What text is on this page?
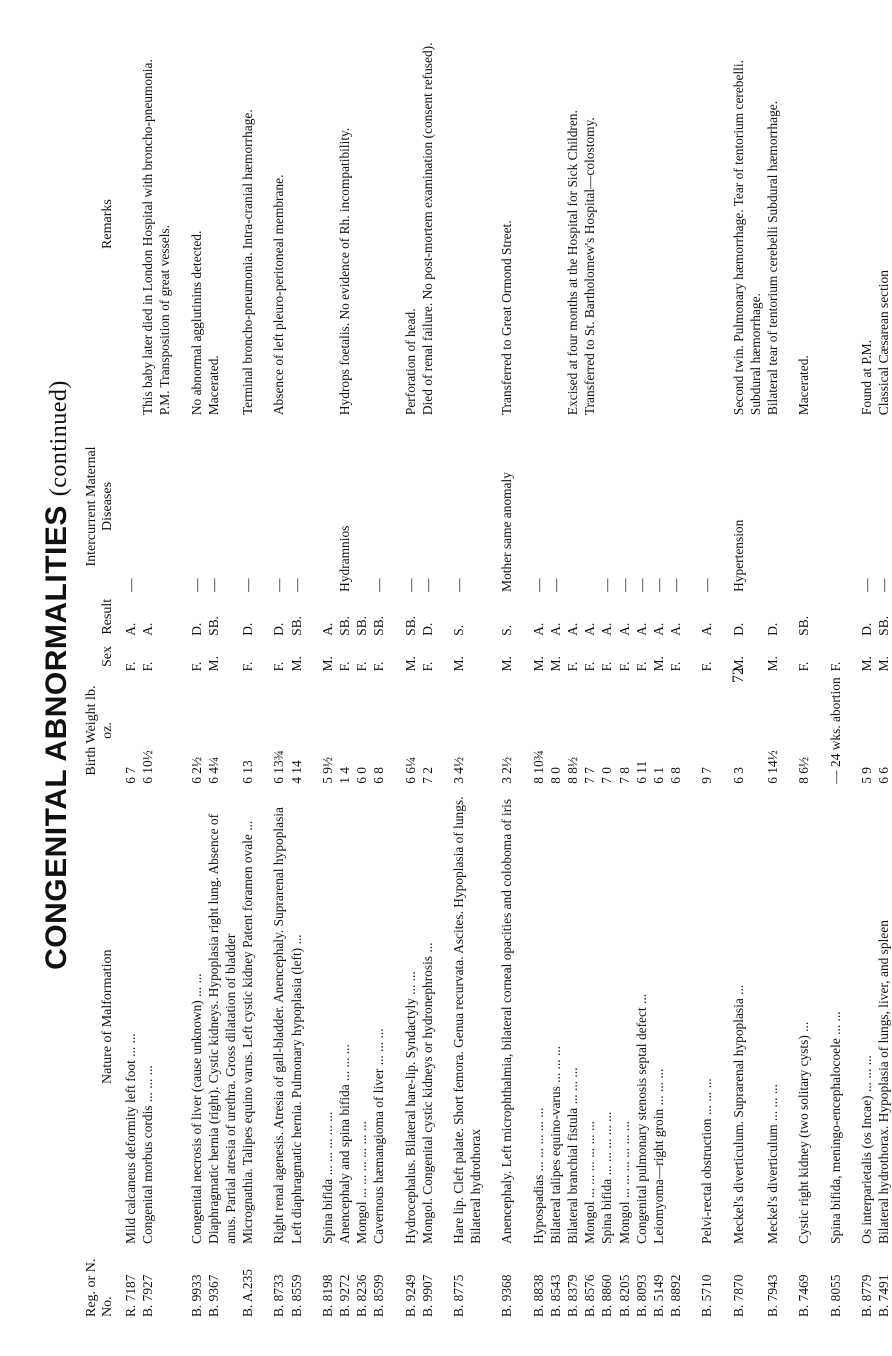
CONGENITAL ABNORMALITIES (continued)
Reg. or N. No.	Nature of Malformation	Birth Weight lb. oz.	Sex	Result	Intercurrent Maternal Diseases	Remarks
R. 7187	Mild calcaneus deformity left foot ... ...	6 7	F.	A.	—	
B. 7927	Congenital morbus cordis ... ... ...	6 10½	F.	A.		This baby later died in London Hospital with broncho-pneumonia. P.M. Transposition of great vessels.

B. 9933	Congenital necrosis of liver (cause unknown) ... ...	6 2½	F.	D.	—	No abnormal agglutinins detected.
B. 9367	Diaphragmatic hernia (right). Cystic kidneys. Hypoplasia right lung. Absence of anus. Partial atresia of urethra. Gross dilatation of bladder	6 4¼	M.	SB.	—	Macerated.
B. A.235	Micrognathia. Talipes equino varus. Left cystic kidney Patent foramen ovale ...	6 13	F.	D.	—	Terminal broncho-pneumonia. Intra-cranial hæmorrhage.

B. 8733	Right renal agenesis. Atresia of gall-bladder. Anencephaly. Suprarenal hypoplasia	6 13¾	F.	D.	—	Absence of left pleuro-peritoneal membrane.
B. 8559	Left diaphragmatic hernia. Pulmonary hypoplasia (left) ...	4 14	M.	SB.	—	

B. 8198	Spina bifida ... ... ... ... ...	5 9½	M.	A.		
B. 9272	Anencephaly and spina bifida ... ... ...	1 4	F.	SB.	Hydramnios	Hydrops foetalis. No evidence of Rh. incompatibility.
B. 8236	Mongol ... ... ... ... ... ...	6 0	F.	SB.		
B. 8599	Cavernous hæmangioma of liver ... ... ...	6 8	F.	SB.	—	

B. 9249	Hydrocephalus. Bilateral hare-lip. Syndactyly ... ...	6 6¼	M.	SB.	—	Perforation of head.
B. 9907	Mongol. Congenital cystic kidneys or hydronephrosis ...	7 2	F.	D.	—	Died of renal failure. No post-mortem examination (consent refused).

B. 8775	Hare lip. Cleft palate. Short femora. Genua recurvata. Ascites. Hypoplasia of lungs. Bilateral hydrothorax	3 4½	M.	S.	—	

B. 9368	Anencephaly. Left microphthalmia, bilateral corneal opacities and coloboma of iris	3 2½	M.	S.	Mother same anomaly	Transferred to Great Ormond Street.

B. 8838	Hypospadias ... ... ... ... ...	8 10¾	M.	A.	—	
B. 8543	Bilateral talipes equino-varus ... ... ...	8 0	M.	A.	—	
B. 8379	Bilateral branchial fistula ... ... ...	8 8½	F.	A.		Excised at four months at the Hospital for Sick Children.
B. 8576	Mongol ... ... ... ... ... ...	7 7	F.	A.		Transferred to St. Bartholomew's Hospital—colostomy.
B. 8860	Spina bifida ... ... ... ... ...	7 0	F.	A.	—	
B. 8205	Mongol ... ... ... ... ... ...	7 8	F.	A.	—	
B. 8093	Congenital pulmonary stenosis septal defect ...	6 11	F.	A.	—	
B. 5149	Leiomyoma—right groin ... ... ...	6 1	M.	A.	—	
B. 8892		6 8	F.	A.	—	

B. 5710	Pelvi-rectal obstruction ... ... ...	9 7	F.	A.	—	

B. 7870	Meckel's diverticulum. Suprarenal hypoplasia ...	6 3	M.	D.	Hypertension	Second twin. Pulmonary hæmorrhage. Tear of tentorium cerebelli. Subdural hæmorrhage.
B. 7943	Meckel's diverticulum ... ... ...	6 14½	M.	D.		Bilateral tear of tentorium cerebelli Subdural hæmorrhage.

B. 7469	Cystic right kidney (two solitary cysts) ...	8 6½	F.	SB.		Macerated.

B. 8055	Spina bifida, meningo-encephalocoele ... ...	— 24 wks. abortion	F.			

B. 8779	Os interparietalis (os Incae) ... ... ...	5 9	M.	D.	—	Found at P.M.
B. 7491	Bilateral hydrothorax. Hypoplasia of lungs, liver, and spleen	6 6	M.	SB.	—	Classical Cæsarean section
72
